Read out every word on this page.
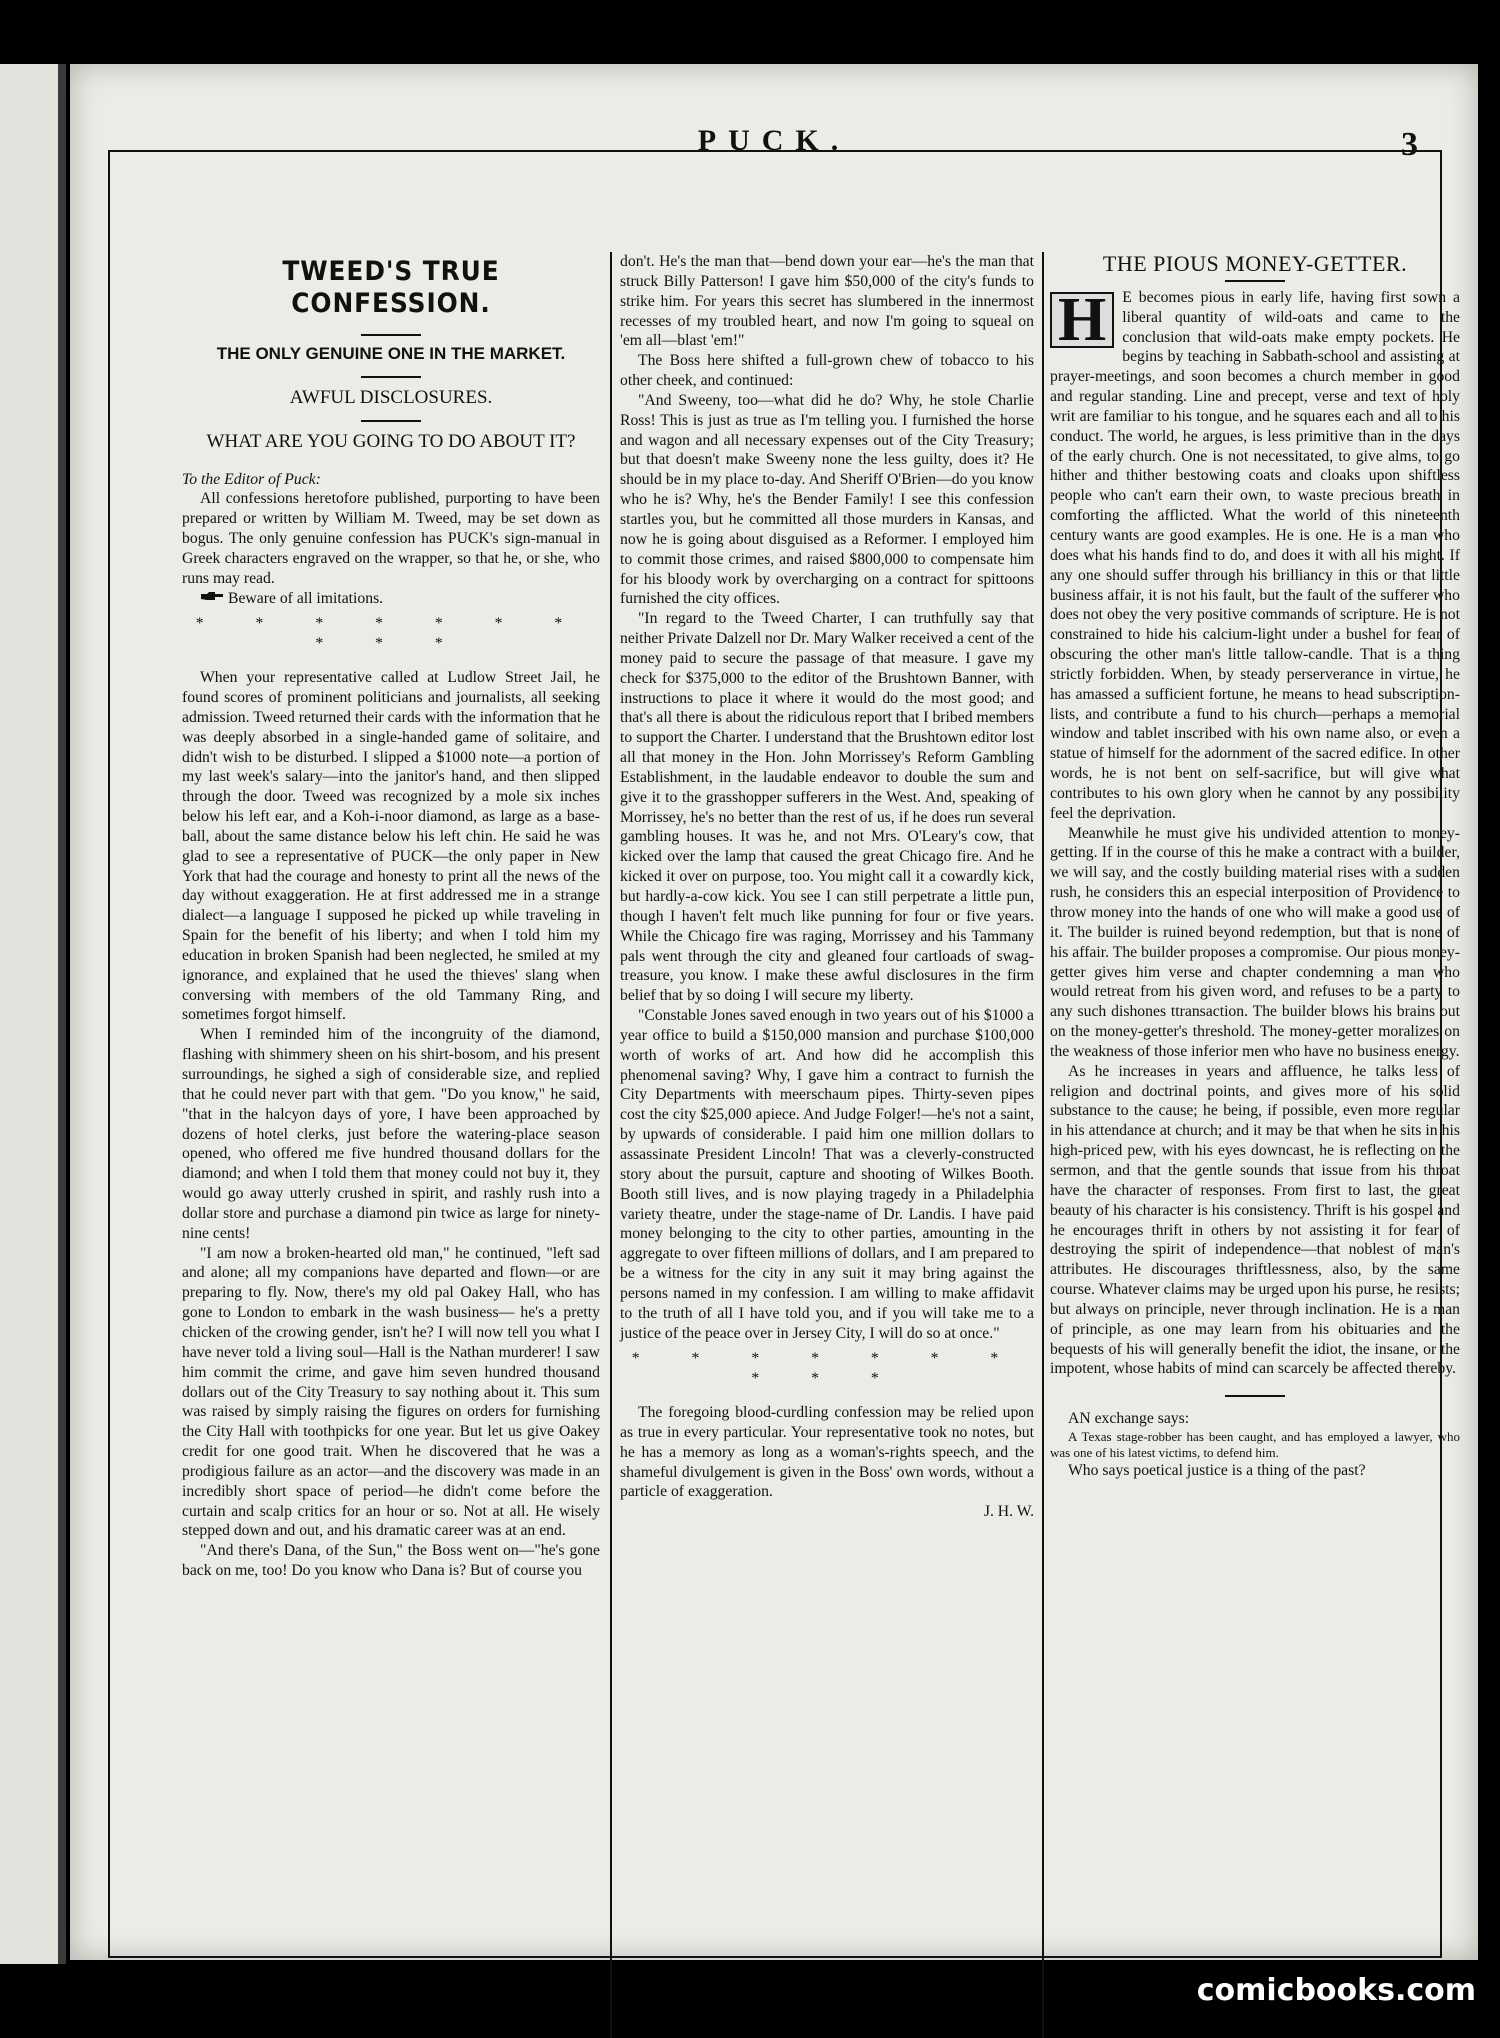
PUCK.	3
TWEED'S TRUE CONFESSION.
THE ONLY GENUINE ONE IN THE MARKET.
AWFUL DISCLOSURES.
WHAT ARE YOU GOING TO DO ABOUT IT?

To the Editor of Puck:

All confessions heretofore published, purporting to have been prepared or written by William M. Tweed, may be set down as bogus. The only genuine confession has PUCK's sign-manual in Greek characters engraved on the wrapper, so that he, or she, who runs may read.

Beware of all imitations.

* * * * * * * * * *

When your representative called at Ludlow Street Jail, he found scores of prominent politicians and journalists, all seeking admission. Tweed returned their cards with the information that he was deeply absorbed in a single-handed game of solitaire, and didn't wish to be disturbed. I slipped a $1000 note—a portion of my last week's salary—into the janitor's hand, and then slipped through the door. Tweed was recognized by a mole six inches below his left ear, and a Koh-i-noor diamond, as large as a base-ball, about the same distance below his left chin. He said he was glad to see a representative of PUCK—the only paper in New York that had the courage and honesty to print all the news of the day without exaggeration. He at first addressed me in a strange dialect—a language I supposed he picked up while traveling in Spain for the benefit of his liberty; and when I told him my education in broken Spanish had been neglected, he smiled at my ignorance, and explained that he used the thieves' slang when conversing with members of the old Tammany Ring, and sometimes forgot himself.

When I reminded him of the incongruity of the diamond, flashing with shimmery sheen on his shirt-bosom, and his present surroundings, he sighed a sigh of considerable size, and replied that he could never part with that gem. "Do you know," he said, "that in the halcyon days of yore, I have been approached by dozens of hotel clerks, just before the watering-place season opened, who offered me five hundred thousand dollars for the diamond; and when I told them that money could not buy it, they would go away utterly crushed in spirit, and rashly rush into a dollar store and purchase a diamond pin twice as large for ninety-nine cents!

"I am now a broken-hearted old man," he continued, "left sad and alone; all my companions have departed and flown—or are preparing to fly. Now, there's my old pal Oakey Hall, who has gone to London to embark in the wash business— he's a pretty chicken of the crowing gender, isn't he? I will now tell you what I have never told a living soul—Hall is the Nathan murderer! I saw him commit the crime, and gave him seven hundred thousand dollars out of the City Treasury to say nothing about it. This sum was raised by simply raising the figures on orders for furnishing the City Hall with toothpicks for one year. But let us give Oakey credit for one good trait. When he discovered that he was a prodigious failure as an actor—and the discovery was made in an incredibly short space of period—he didn't come before the curtain and scalp critics for an hour or so. Not at all. He wisely stepped down and out, and his dramatic career was at an end.

"And there's Dana, of the Sun," the Boss went on—"he's gone back on me, too! Do you know who Dana is? But of course you

don't. He's the man that—bend down your ear—he's the man that struck Billy Patterson! I gave him $50,000 of the city's funds to strike him. For years this secret has slumbered in the innermost recesses of my troubled heart, and now I'm going to squeal on 'em all—blast 'em!"

The Boss here shifted a full-grown chew of tobacco to his other cheek, and continued:

"And Sweeny, too—what did he do? Why, he stole Charlie Ross! This is just as true as I'm telling you. I furnished the horse and wagon and all necessary expenses out of the City Treasury; but that doesn't make Sweeny none the less guilty, does it? He should be in my place to-day. And Sheriff O'Brien—do you know who he is? Why, he's the Bender Family! I see this confession startles you, but he committed all those murders in Kansas, and now he is going about disguised as a Reformer. I employed him to commit those crimes, and raised $800,000 to compensate him for his bloody work by overcharging on a contract for spittoons furnished the city offices.

"In regard to the Tweed Charter, I can truthfully say that neither Private Dalzell nor Dr. Mary Walker received a cent of the money paid to secure the passage of that measure. I gave my check for $375,000 to the editor of the Brushtown Banner, with instructions to place it where it would do the most good; and that's all there is about the ridiculous report that I bribed members to support the Charter. I understand that the Brushtown editor lost all that money in the Hon. John Morrissey's Reform Gambling Establishment, in the laudable endeavor to double the sum and give it to the grasshopper sufferers in the West. And, speaking of Morrissey, he's no better than the rest of us, if he does run several gambling houses. It was he, and not Mrs. O'Leary's cow, that kicked over the lamp that caused the great Chicago fire. And he kicked it over on purpose, too. You might call it a cowardly kick, but hardly-a-cow kick. You see I can still perpetrate a little pun, though I haven't felt much like punning for four or five years. While the Chicago fire was raging, Morrissey and his Tammany pals went through the city and gleaned four cartloads of swag-treasure, you know. I make these awful disclosures in the firm belief that by so doing I will secure my liberty.

"Constable Jones saved enough in two years out of his $1000 a year office to build a $150,000 mansion and purchase $100,000 worth of works of art. And how did he accomplish this phenomenal saving? Why, I gave him a contract to furnish the City Departments with meerschaum pipes. Thirty-seven pipes cost the city $25,000 apiece. And Judge Folger!—he's not a saint, by upwards of considerable. I paid him one million dollars to assassinate President Lincoln! That was a cleverly-constructed story about the pursuit, capture and shooting of Wilkes Booth. Booth still lives, and is now playing tragedy in a Philadelphia variety theatre, under the stage-name of Dr. Landis. I have paid money belonging to the city to other parties, amounting in the aggregate to over fifteen millions of dollars, and I am prepared to be a witness for the city in any suit it may bring against the persons named in my confession. I am willing to make affidavit to the truth of all I have told you, and if you will take me to a justice of the peace over in Jersey City, I will do so at once."

* * * * * * * * * *

The foregoing blood-curdling confession may be relied upon as true in every particular. Your representative took no notes, but he has a memory as long as a woman's-rights speech, and the shameful divulgement is given in the Boss' own words, without a particle of exaggeration.

J. H. W.

THE PIOUS MONEY-GETTER.

H	E becomes pious in early life, having first sown a liberal quantity of wild-oats and came to the conclusion that wild-oats make empty pockets. He begins by teaching in Sabbath-school and assisting at prayer-meetings, and soon becomes a church member in good and regular standing. Line and precept, verse and text of holy writ are familiar to his tongue, and he squares each and all to his conduct. The world, he argues, is less primitive than in the days of the early church. One is not necessitated, to give alms, to go hither and thither bestowing coats and cloaks upon shiftless people who can't earn their own, to waste precious breath in comforting the afflicted. What the world of this nineteenth century wants are good examples. He is one. He is a man who does what his hands find to do, and does it with all his might. If any one should suffer through his brilliancy in this or that little business affair, it is not his fault, but the fault of the sufferer who does not obey the very positive commands of scripture. He is not constrained to hide his calcium-light under a bushel for fear of obscuring the other man's little tallow-candle. That is a thing strictly forbidden. When, by steady perserverance in virtue, he has amassed a sufficient fortune, he means to head subscription-lists, and contribute a fund to his church—perhaps a memorial window and tablet inscribed with his own name also, or even a statue of himself for the adornment of the sacred edifice. In other words, he is not bent on self-sacrifice, but will give what contributes to his own glory when he cannot by any possibility feel the deprivation.

Meanwhile he must give his undivided attention to money-getting. If in the course of this he make a contract with a builder, we will say, and the costly building material rises with a sudden rush, he considers this an especial interposition of Providence to throw money into the hands of one who will make a good use of it. The builder is ruined beyond redemption, but that is none of his affair. The builder proposes a compromise. Our pious money-getter gives him verse and chapter condemning a man who would retreat from his given word, and refuses to be a party to any such dishones ttransaction. The builder blows his brains out on the money-getter's threshold. The money-getter moralizes on the weakness of those inferior men who have no business energy.

As he increases in years and affluence, he talks less of religion and doctrinal points, and gives more of his solid substance to the cause; he being, if possible, even more regular in his attendance at church; and it may be that when he sits in his high-priced pew, with his eyes downcast, he is reflecting on the sermon, and that the gentle sounds that issue from his throat have the character of responses. From first to last, the great beauty of his character is his consistency. Thrift is his gospel and he encourages thrift in others by not assisting it for fear of destroying the spirit of independence—that noblest of man's attributes. He discourages thriftlessness, also, by the same course. Whatever claims may be urged upon his purse, he resists; but always on principle, never through inclination. He is a man of principle, as one may learn from his obituaries and the bequests of his will generally benefit the idiot, the insane, or the impotent, whose habits of mind can scarcely be affected thereby.

AN exchange says:

A Texas stage-robber has been caught, and has employed a lawyer, who was one of his latest victims, to defend him.

Who says poetical justice is a thing of the past?

comicbooks.com
